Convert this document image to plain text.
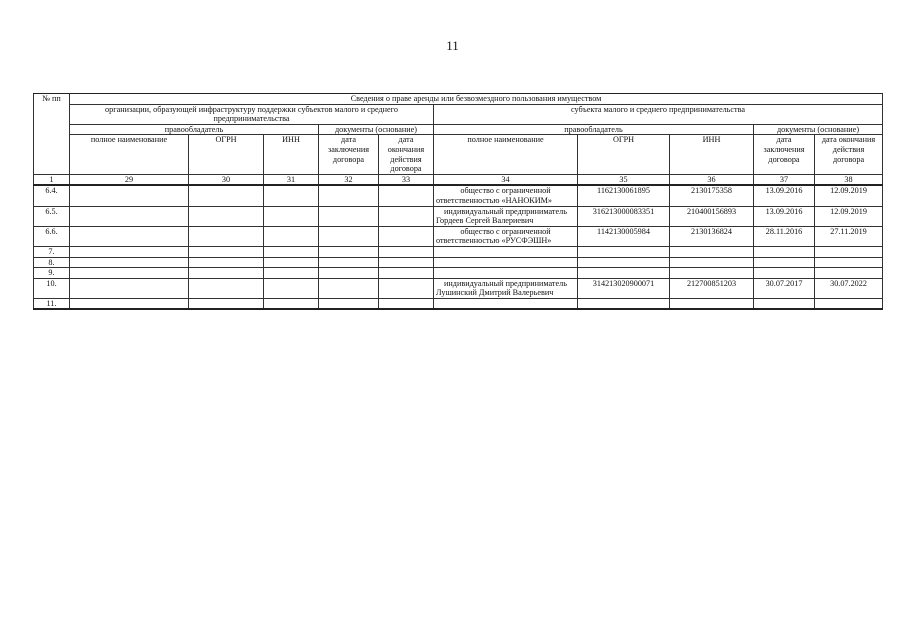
11
№ пп	Сведения о праве аренды или безвозмездного пользования имуществом									
	организации, образующей инфраструктуру поддержки субъектов малого и среднего предпринимательства					субъекта малого и среднего предпринимательства				
	правообладатель			документы (основание)		правообладатель			документы (основание)	
	полное наименование	ОГРН	ИНН	дата заключения договора	дата окончания действия договора	полное наименование	ОГРН	ИНН	дата заключения договора	дата окончания действия договора
1	29	30	31	32	33	34	35	36	37	38
6.4.						общество с ограниченной ответственностью «НАНОКИМ»	1162130061895	2130175358	13.09.2016	12.09.2019
6.5.						индивидуальный предприниматель Гордеев Сергей Валериевич	316213000083351	210400156893	13.09.2016	12.09.2019
6.6.						общество с ограниченной ответственностью «РУСФЭШН»	1142130005984	2130136824	28.11.2016	27.11.2019
7.										
8.										
9.										
10.						индивидуальный предприниматель Лушинский Дмитрий Валерьевич	314213020900071	212700851203	30.07.2017	30.07.2022
11.										
